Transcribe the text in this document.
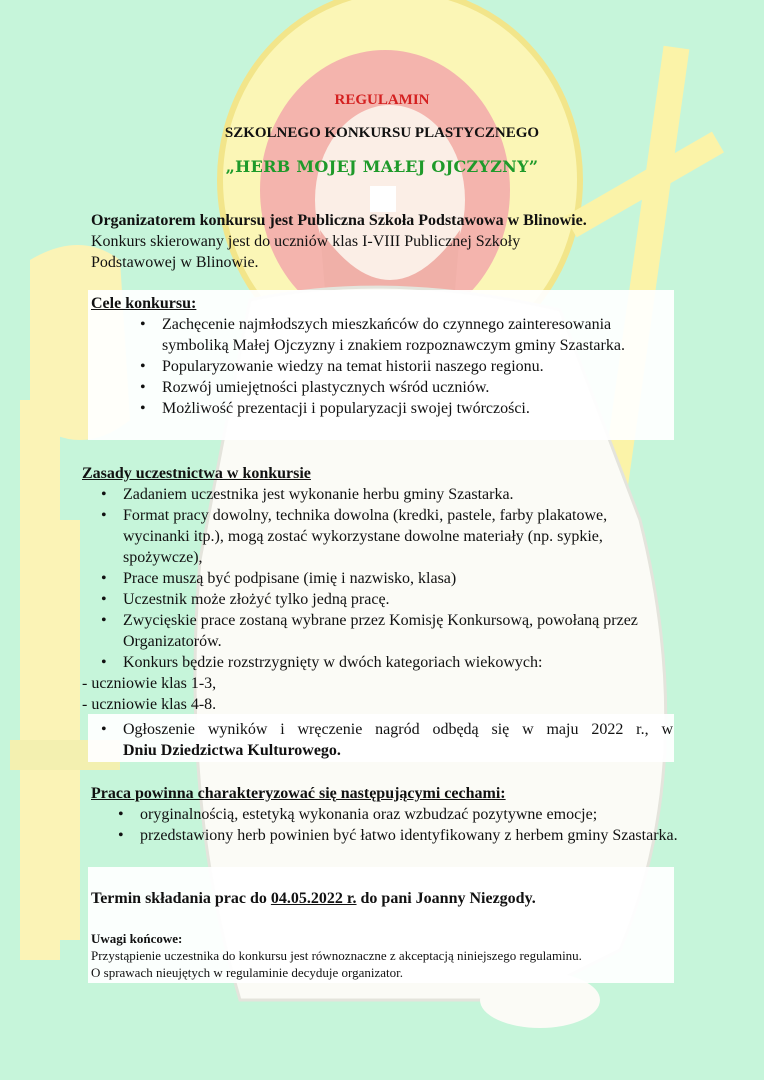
REGULAMIN
SZKOLNEGO KONKURSU PLASTYCZNEGO
„HERB MOJEJ MAŁEJ OJCZYZNY”
Organizatorem konkursu jest Publiczna Szkoła Podstawowa w Blinowie.
Konkurs skierowany jest do uczniów klas I-VIII Publicznej Szkoły
Podstawowej w Blinowie.
Cele konkursu:
• Zachęcenie najmłodszych mieszkańców do czynnego zainteresowania symboliką Małej Ojczyzny i znakiem rozpoznawczym gminy Szastarka.
• Popularyzowanie wiedzy na temat historii naszego regionu.
• Rozwój umiejętności plastycznych wśród uczniów.
• Możliwość prezentacji i popularyzacji swojej twórczości.
Zasady uczestnictwa w konkursie
• Zadaniem uczestnika jest wykonanie herbu gminy Szastarka.
• Format pracy dowolny, technika dowolna (kredki, pastele, farby plakatowe, wycinanki itp.), mogą zostać wykorzystane dowolne materiały (np. sypkie, spożywcze),
• Prace muszą być podpisane (imię i nazwisko, klasa)
• Uczestnik może złożyć tylko jedną pracę.
• Zwycięskie prace zostaną wybrane przez Komisję Konkursową, powołaną przez Organizatorów.
• Konkurs będzie rozstrzygnięty w dwóch kategoriach wiekowych:
- uczniowie klas 1-3,
- uczniowie klas 4-8.
• Ogłoszenie wyników i wręczenie nagród odbędą się w maju 2022 r., w
Dniu Dziedzictwa Kulturowego.
Praca powinna charakteryzować się następującymi cechami:
• oryginalnością, estetyką wykonania oraz wzbudzać pozytywne emocje;
• przedstawiony herb powinien być łatwo identyfikowany z herbem gminy Szastarka.
Termin składania prac do 04.05.2022 r. do pani Joanny Niezgody.
Uwagi końcowe:
Przystąpienie uczestnika do konkursu jest równoznaczne z akceptacją niniejszego regulaminu.
O sprawach nieujętych w regulaminie decyduje organizator.
